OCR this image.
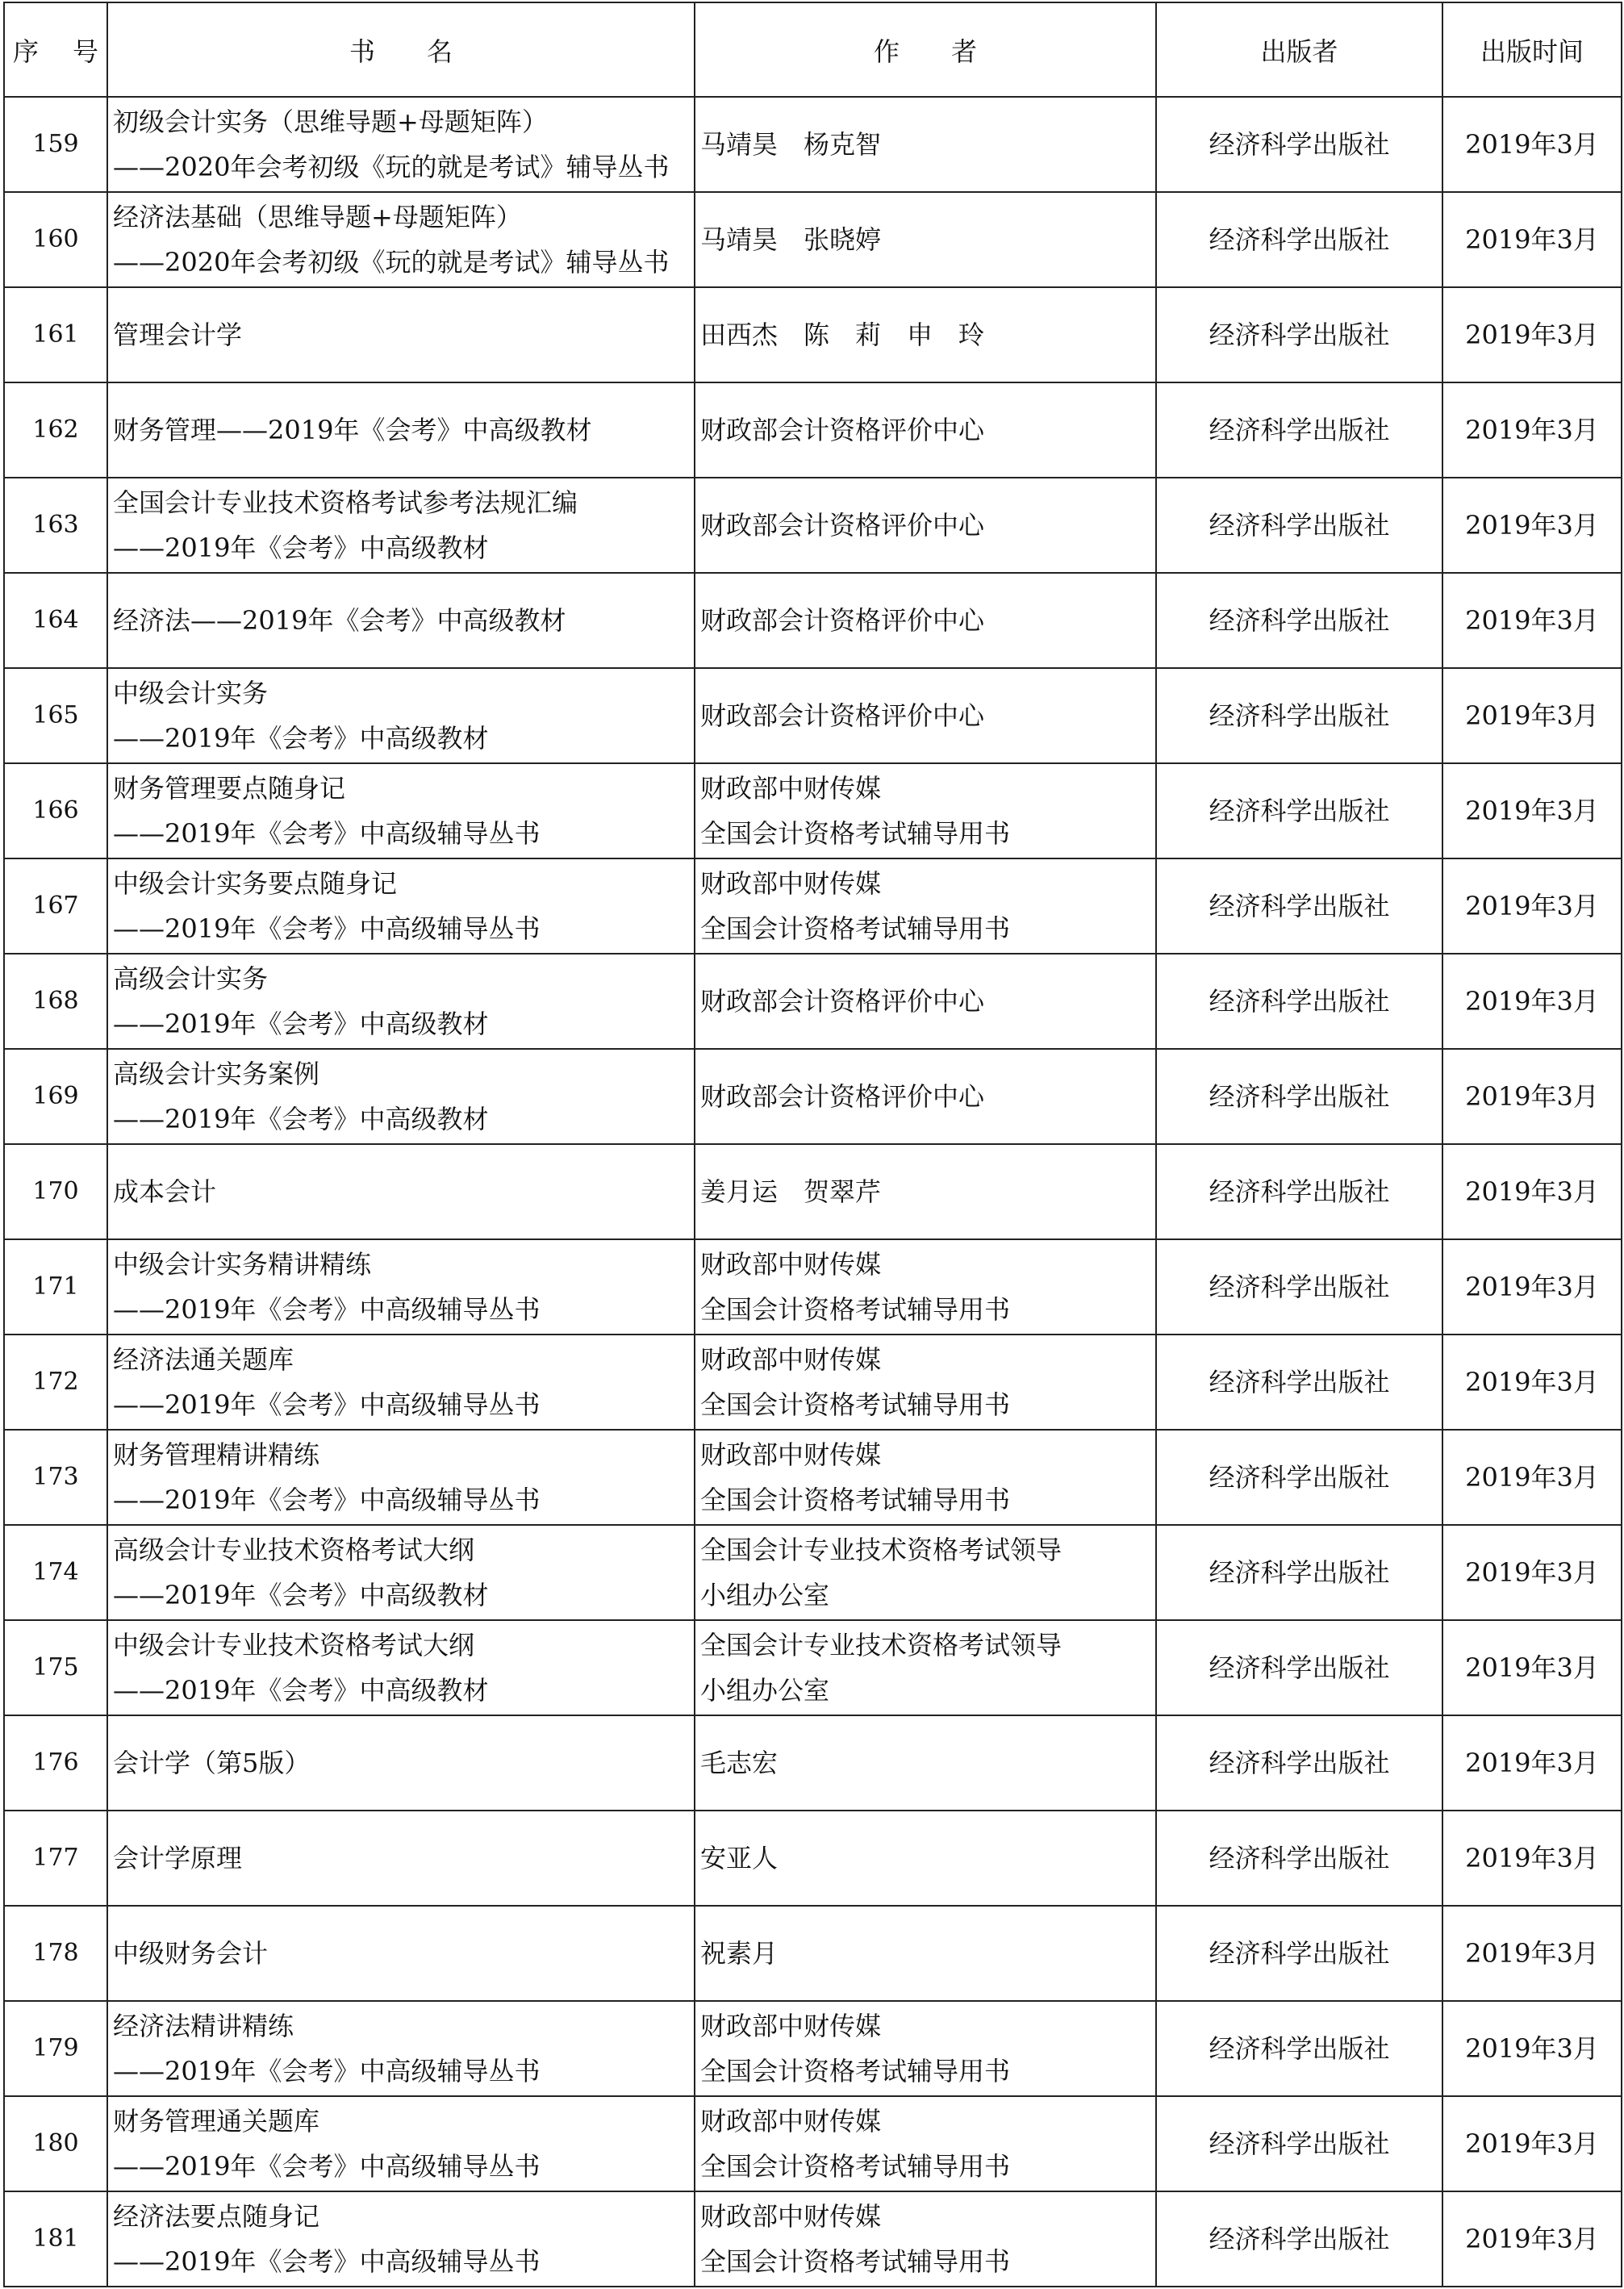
序　号	书　　名	作　　者	出版者	出版时间
159	初级会计实务（思维导题+母题矩阵）
——2020年会考初级《玩的就是考试》辅导丛书	马靖昊　杨克智	经济科学出版社	2019年3月
160	经济法基础（思维导题+母题矩阵）
——2020年会考初级《玩的就是考试》辅导丛书	马靖昊　张晓婷	经济科学出版社	2019年3月
161	管理会计学	田西杰　陈　莉　申　玲	经济科学出版社	2019年3月
162	财务管理——2019年《会考》中高级教材	财政部会计资格评价中心	经济科学出版社	2019年3月
163	全国会计专业技术资格考试参考法规汇编
——2019年《会考》中高级教材	财政部会计资格评价中心	经济科学出版社	2019年3月
164	经济法——2019年《会考》中高级教材	财政部会计资格评价中心	经济科学出版社	2019年3月
165	中级会计实务
——2019年《会考》中高级教材	财政部会计资格评价中心	经济科学出版社	2019年3月
166	财务管理要点随身记
——2019年《会考》中高级辅导丛书	财政部中财传媒
全国会计资格考试辅导用书	经济科学出版社	2019年3月
167	中级会计实务要点随身记
——2019年《会考》中高级辅导丛书	财政部中财传媒
全国会计资格考试辅导用书	经济科学出版社	2019年3月
168	高级会计实务
——2019年《会考》中高级教材	财政部会计资格评价中心	经济科学出版社	2019年3月
169	高级会计实务案例
——2019年《会考》中高级教材	财政部会计资格评价中心	经济科学出版社	2019年3月
170	成本会计	姜月运　贺翠芹	经济科学出版社	2019年3月
171	中级会计实务精讲精练
——2019年《会考》中高级辅导丛书	财政部中财传媒
全国会计资格考试辅导用书	经济科学出版社	2019年3月
172	经济法通关题库
——2019年《会考》中高级辅导丛书	财政部中财传媒
全国会计资格考试辅导用书	经济科学出版社	2019年3月
173	财务管理精讲精练
——2019年《会考》中高级辅导丛书	财政部中财传媒
全国会计资格考试辅导用书	经济科学出版社	2019年3月
174	高级会计专业技术资格考试大纲
——2019年《会考》中高级教材	全国会计专业技术资格考试领导
小组办公室	经济科学出版社	2019年3月
175	中级会计专业技术资格考试大纲
——2019年《会考》中高级教材	全国会计专业技术资格考试领导
小组办公室	经济科学出版社	2019年3月
176	会计学（第5版）	毛志宏	经济科学出版社	2019年3月
177	会计学原理	安亚人	经济科学出版社	2019年3月
178	中级财务会计	祝素月	经济科学出版社	2019年3月
179	经济法精讲精练
——2019年《会考》中高级辅导丛书	财政部中财传媒
全国会计资格考试辅导用书	经济科学出版社	2019年3月
180	财务管理通关题库
——2019年《会考》中高级辅导丛书	财政部中财传媒
全国会计资格考试辅导用书	经济科学出版社	2019年3月
181	经济法要点随身记
——2019年《会考》中高级辅导丛书	财政部中财传媒
全国会计资格考试辅导用书	经济科学出版社	2019年3月
